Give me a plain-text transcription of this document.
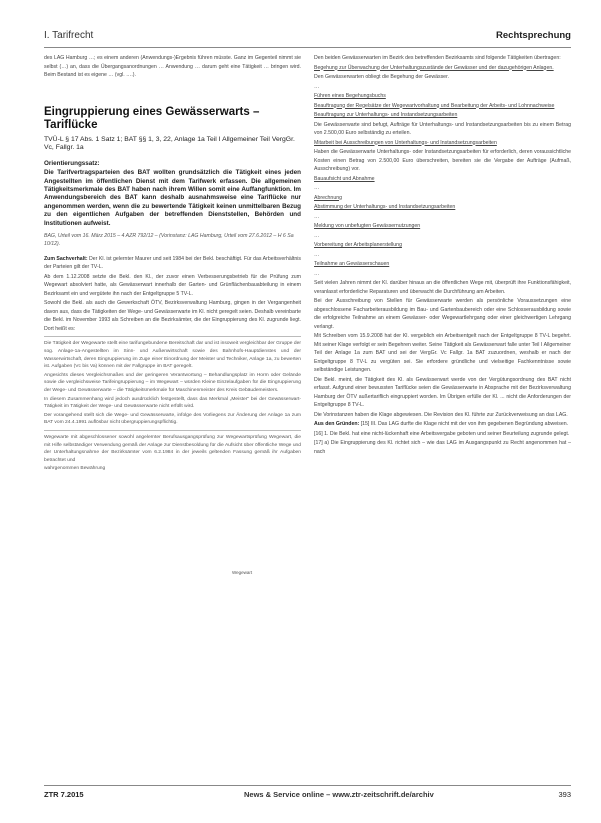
I. Tarifrecht	Rechtsprechung

des LAG Hamburg …; es einem anderen (Anwendungs-)Ergebnis führen müsste. Ganz im Gegenteil nimmt sie selbst (…) an, dass die Übergangsanordnungen … Anwendung … darum geht eine Tätigkeit … bringen wird. Beim Bestand ist es eigene … (vgl. ….).

Eingruppierung eines Gewässerwarts – Tariflücke
TVÜ-L § 17 Abs. 1 Satz 1; BAT §§ 1, 3, 22, Anlage 1a Teil I Allgemeiner Teil VergGr. Vc, Fallgr. 1a

Orientierungssatz:

Die Tarifvertragsparteien des BAT wollten grundsätzlich die Tätigkeit eines jeden Angestellten im öffentlichen Dienst mit dem Tarifwerk erfassen. Die allgemeinen Tätigkeitsmerkmale des BAT haben nach ihrem Willen somit eine Auffangfunktion. Im Anwendungsbereich des BAT kann deshalb ausnahmsweise eine Tariflücke nur angenommen werden, wenn die zu bewertende Tätigkeit keinen unmittelbaren Bezug zu den eigentlichen Aufgaben der betreffenden Dienststellen, Behörden und Institutionen aufweist.

BAG, Urteil vom 16. März 2015 – 4 AZR 792/12 – (Vorinstanz: LAG Hamburg, Urteil vom 27.6.2012 – H 6 Sa 10/12).

Zum Sachverhalt: Der Kl. ist gelernter Maurer und seit 1984 bei der Bekl. beschäftigt. Für das Arbeitsverhältnis der Parteien gilt der TV-L.

Ab dem 1.12.2008 setzte die Bekl. den Kl., der zuvor einen Verbesserungsbetrieb für die Prüfung zum Wegewart absolviert hatte, als Gewässerwart innerhalb der Garten- und Grünflächenbauabteilung in einem Bezirksamt ein und vergütete ihn nach der Entgeltgruppe 5 TV-L.

Sowohl die Bekl. als auch die Gewerkschaft ÖTV, Bezirksverwaltung Hamburg, gingen in der Vergangenheit davon aus, dass die Tätigkeiten der Wege- und Gewässerwarte im Kl. nicht geregelt seien. Deshalb vereinbarte die Bekl. im November 1993 als Schreiben an die Bezirksämter, die der Eingruppierung des Kl. zugrunde liegt. Dort heißt es:

Die Tätigkeit der Wegewarte stellt eine tarifungebundene Bereitschaft dar und ist insoweit vergleichbar der Gruppe der sog. Anlage-1a-Angestellten im Sinn- und Außenwirtschaft sowie des Bahnhofs-Hauptdienstes und der Wasserwirtschaft, deren Eingruppierung im Zuge einer Einordnung der Meister und Techniker, Anlage 1a, zu bewerten ist. Aufgaben (Vc bis Va) können mit der Fallgruppe im BAT geregelt.

Angesichts dieses Vergleichsmaßes und der geringeren Verantwortung – Behandlungsplatz im Horm oder Gelände sowie die vergleichsweise Tarifeingruppierung – im Wegewart – würden Kleine Einzelaufgaben für die Eingruppierung der Wege- und Gewässerwarte – die Tätigkeitsmerkmale für Maschinenmeister des Kreis Gebäudemeisters.

In diesem Zusammenhang wird jedoch ausdrücklich festgestellt, dass das Merkmal „Meister“ bei der Gewässerwart-Tätigkeit im Tätigkeit der Wege- und Gewässerwarte nicht erfüllt wird.

Der vorangehend stellt sich die Wege- und Gewässerwarte, infolge des Vorliegens zur Änderung der Anlage 1a zum BAT vom 24.4.1991 auflösbar nicht übergruppierungspflichtig.

Wegewarte mit abgeschlossener sowohl angelernter Berufsausgangsprüfung zur Wegewartsprüfung Wegewart, die mit Hilfe selbständiger Verwendung gemäß der Anlage zur Dienstbesoldung für die Aufsicht über öffentliche Wege und der Unterhaltungsnahme der Bezirksämter vom 6.2.1984 in der jeweils geltenden Fassung gemäß ihr Aufgaben betrachtet und

wahrgenommen Bewährung

Wegewart

Den beiden Gewässerwarten im Bezirk des betreffenden Bezirksamts sind folgende Tätigkeiten übertragen:

Begehung zur Überwachung der Unterhaltungszustände der Gewässer und der dazugehörigen Anlagen.

Den Gewässerwarten obliegt die Begehung der Gewässer.

…

Führen eines Begehungsbuchs

Beauftragung der Regelsätze der Wegewartvorhaltung und Bearbeitung der Arbeits- und Lohnnachweise

Beauftragung zur Unterhaltungs- und Instandsetzungsarbeiten

Die Gewässerwarte sind befugt, Aufträge für Unterhaltungs- und Instandsetzungsarbeiten bis zu einem Betrag von 2.500,00 Euro selbständig zu erteilen.

Mitarbeit bei Ausschreibungen von Unterhaltungs- und Instandsetzungsarbeiten

Haben die Gewässerwarte Unterhaltungs- oder Instandsetzungsarbeiten für erforderlich, deren voraussichtliche Kosten einen Betrag von 2.500,00 Euro überschreiten, bereiten sie die Vergabe der Aufträge (Aufmaß, Ausschreibung) vor.

Bauaufsicht und Abnahme

…

Abrechnung

Abstimmung der Unterhaltungs- und Instandsetzungsarbeiten

…

Meldung von unbefugten Gewässernutzungen

…

Vorbereitung der Arbeitsplanerstellung

…

Teilnahme an Gewässerschauen

…

Seit vielen Jahren nimmt der Kl. darüber hinaus an die öffentlichen Wege mit, überprüft ihre Funktionsfähigkeit, veranlasst erforderliche Reparaturen und überwacht die Durchführung am Arbeiten.

Bei der Ausschreibung von Stellen für Gewässerwarte werden als persönliche Voraussetzungen eine abgeschlossene Facharbeiterausbildung im Bau- und Gartenbaubereich oder eine Schlosserausbildung sowie die erfolgreiche Teilnahme an einem Gewässer- oder Wegewartlehrgang oder einer gleichwertigen Lehrgang verlangt.

Mit Schreiben vom 15.9.2008 hat der Kl. vergeblich ein Arbeitsentgelt nach der Entgeltgruppe 8 TV-L begehrt. Mit seiner Klage verfolgt er sein Begehren weiter. Seine Tätigkeit als Gewässerwart falle unter Teil I Allgemeiner Teil der Anlage 1a zum BAT und sei der VergGr. Vc Fallgr. 1a BAT zuzuordnen, weshalb er nach der Entgeltgruppe 8 TV-L zu vergüten sei. Sie erfordere gründliche und vielseitige Fachkenntnisse sowie selbständige Leistungen.

Die Bekl. meint, die Tätigkeit des Kl. als Gewässerwart werde von der Vergütungsordnung des BAT nicht erfasst. Aufgrund einer bewussten Tariflücke seien die Gewässerwarte in Absprache mit der Bezirksverwaltung Hamburg der ÖTV außertariflich eingruppiert worden. Im Übrigen erfülle der Kl. ... nicht die Anforderungen der Entgeltgruppe 8 TV-L.

Die Vorinstanzen haben die Klage abgewiesen. Die Revision des Kl. führte zur Zurückverweisung an das LAG.

Aus den Gründen: [15] III. Das LAG durfte die Klage nicht mit der von ihm gegebenen Begründung abweisen.

[16] 1. Die Bekl. hat eine nicht-lückenhaft eine Arbeitsvergabe geboten und seiner Beurteilung zugrunde gelegt.

[17] a) Die Eingruppierung des Kl. richtet sich – wie das LAG im Ausgangspunkt zu Recht angenommen hat – nach

ZTR 7.2015	News & Service online – www.ztr-zeitschrift.de/archiv	393
